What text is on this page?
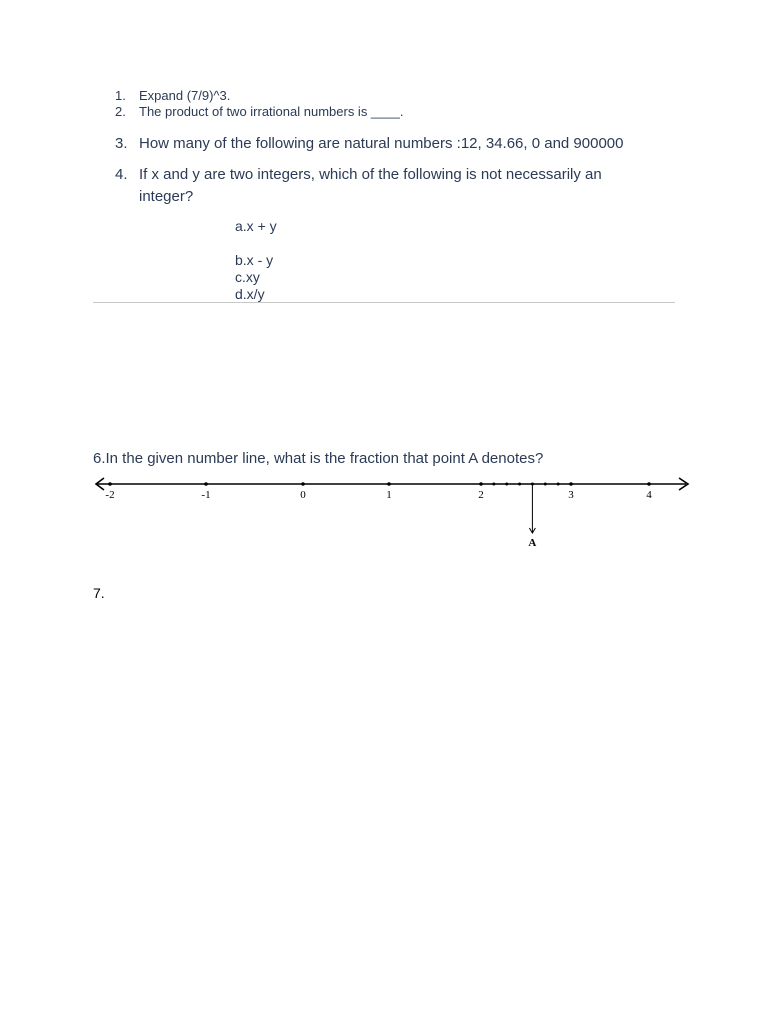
1. Expand (7/9)^3.
2. The product of two irrational numbers is ____.
3. How many of the following are natural numbers :12, 34.66, 0 and 900000
4. If x and y are two integers, which of the following is not necessarily an integer?
a.x + y
b.x - y
c.xy
d.x/y
6.In the given number line, what is the fraction that point A denotes?
-2	-1	0	1	2	3	4
A
7.
